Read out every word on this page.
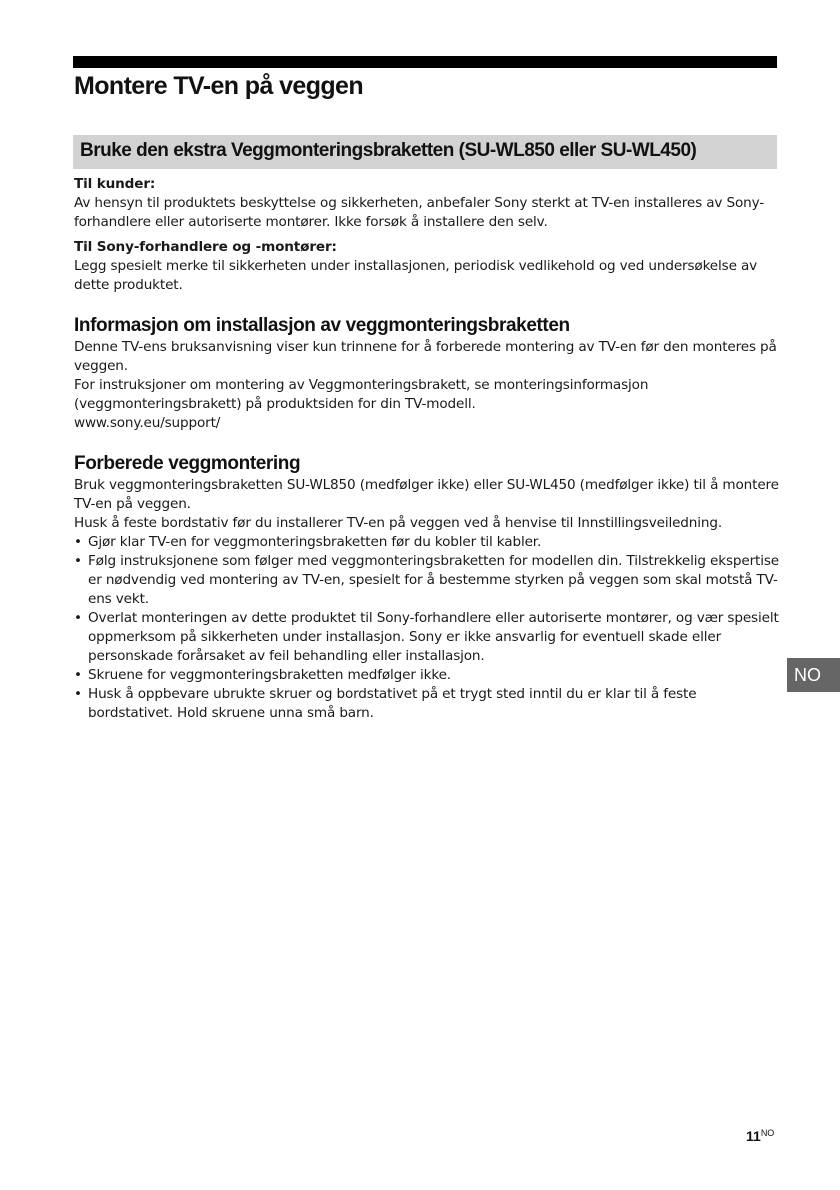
Montere TV-en på veggen
Bruke den ekstra Veggmonteringsbraketten (SU-WL850 eller SU-WL450)

Til kunder:
Av hensyn til produktets beskyttelse og sikkerheten, anbefaler Sony sterkt at TV-en installeres av Sony-forhandlere eller autoriserte montører. Ikke forsøk å installere den selv.

Til Sony-forhandlere og -montører:
Legg spesielt merke til sikkerheten under installasjonen, periodisk vedlikehold og ved undersøkelse av dette produktet.

Informasjon om installasjon av veggmonteringsbraketten

Denne TV-ens bruksanvisning viser kun trinnene for å forberede montering av TV-en før den monteres på veggen.

For instruksjoner om montering av Veggmonteringsbrakett, se monteringsinformasjon (veggmonteringsbrakett) på produktsiden for din TV-modell.

www.sony.eu/support/

Forberede veggmontering

Bruk veggmonteringsbraketten SU-WL850 (medfølger ikke) eller SU-WL450 (medfølger ikke) til å montere TV-en på veggen.

Husk å feste bordstativ før du installerer TV-en på veggen ved å henvise til Innstillingsveiledning.

• Gjør klar TV-en for veggmonteringsbraketten før du kobler til kabler.
• Følg instruksjonene som følger med veggmonteringsbraketten for modellen din. Tilstrekkelig ekspertise er nødvendig ved montering av TV-en, spesielt for å bestemme styrken på veggen som skal motstå TV-ens vekt.
• Overlat monteringen av dette produktet til Sony-forhandlere eller autoriserte montører, og vær spesielt oppmerksom på sikkerheten under installasjon. Sony er ikke ansvarlig for eventuell skade eller personskade forårsaket av feil behandling eller installasjon.
• Skruene for veggmonteringsbraketten medfølger ikke.
• Husk å oppbevare ubrukte skruer og bordstativet på et trygt sted inntil du er klar til å feste bordstativet. Hold skruene unna små barn.
NO
$11^{NO}$
